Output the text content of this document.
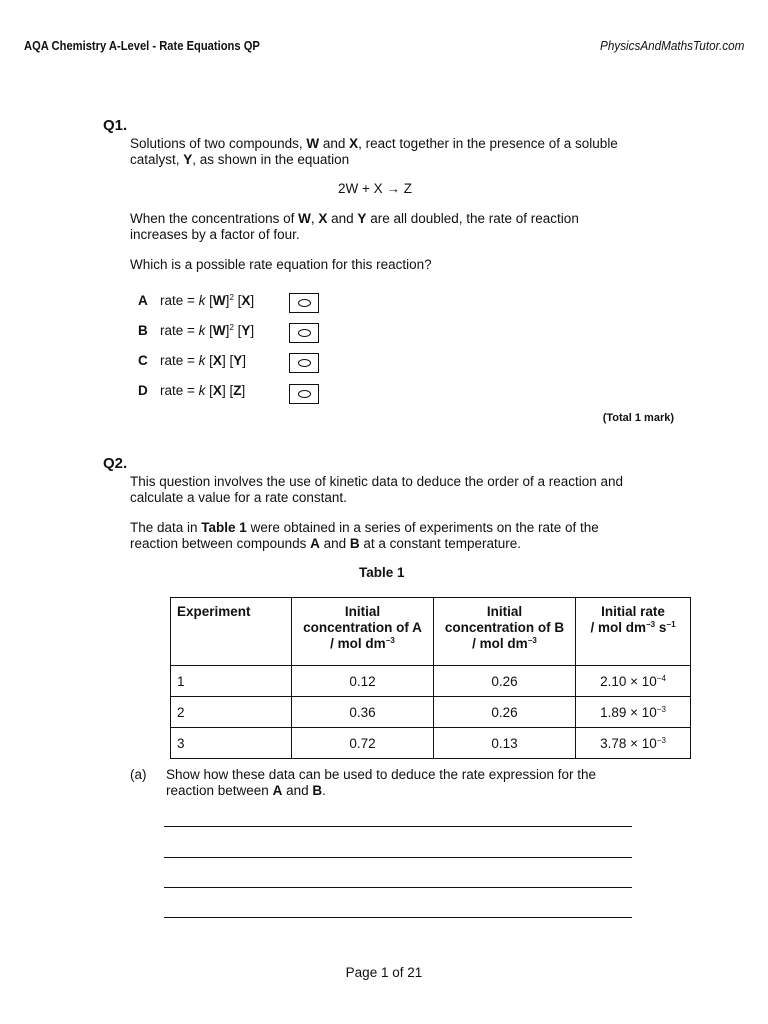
AQA Chemistry A-Level - Rate Equations QP	PhysicsAndMathsTutor.com
Q1.
Solutions of two compounds, W and X, react together in the presence of a soluble catalyst, Y, as shown in the equation
2W + X → Z
When the concentrations of W, X and Y are all doubled, the rate of reaction increases by a factor of four.
Which is a possible rate equation for this reaction?
A rate = k $[W]^2$ [X]
B rate = k $[W]^2$ [Y]
C rate = k [X] [Y]
D rate = k [X] [Z]
(Total 1 mark)
Q2.
This question involves the use of kinetic data to deduce the order of a reaction and calculate a value for a rate constant.
The data in Table 1 were obtained in a series of experiments on the rate of the reaction between compounds A and B at a constant temperature.
Table 1
Experiment	Initial
concentration of A
/ mol $dm^{-3}$	Initial
concentration of B
/ mol $dm^{-3}$	Initial rate
/ mol $dm^{-3}$ $s^{-1}$
1	0.12	0.26	$2.10 \times 10^{-4}$
2	0.36	0.26	$1.89 \times 10^{-3}$
3	0.72	0.13	$3.78 \times 10^{-3}$
(a) Show how these data can be used to deduce the rate expression for the reaction between A and B.
Page 1 of 21
